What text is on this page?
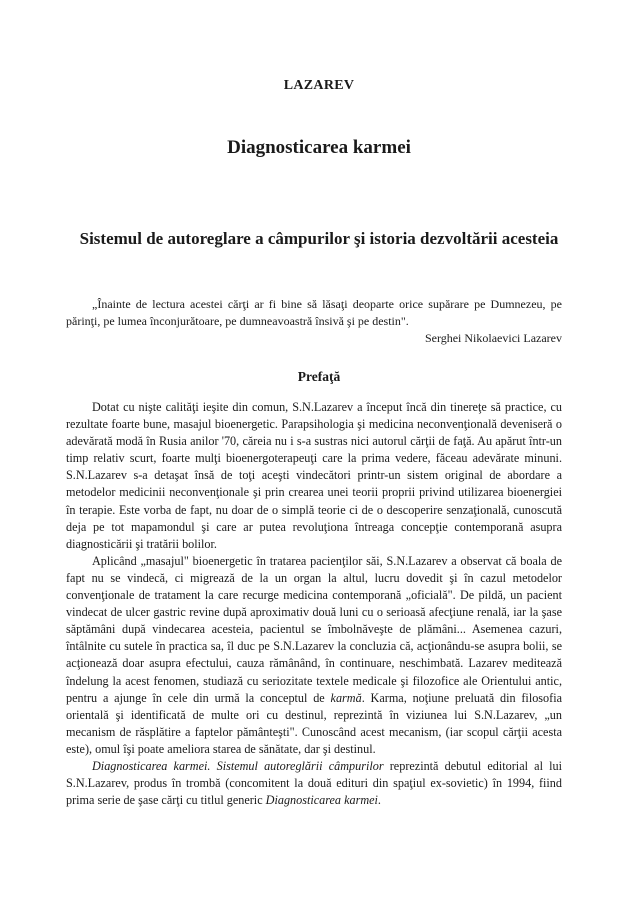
LAZAREV
Diagnosticarea karmei
Sistemul de autoreglare a câmpurilor şi istoria dezvoltării acesteia

„Înainte de lectura acestei cărţi ar fi bine să lăsaţi deoparte orice supărare pe Dumnezeu, pe părinţi, pe lumea înconjurătoare, pe dumneavoastră însivă şi pe destin".

Serghei Nikolaevici Lazarev

Prefaţă

Dotat cu nişte calităţi ieşite din comun, S.N.Lazarev a început încă din tinereţe să practice, cu rezultate foarte bune, masajul bioenergetic. Parapsihologia şi medicina neconvenţională deveniseră o adevărată modă în Rusia anilor '70, căreia nu i s-a sustras nici autorul cărţii de faţă. Au apărut într-un timp relativ scurt, foarte mulţi bioenergoterapeuţi care la prima vedere, făceau adevărate minuni. S.N.Lazarev s-a detaşat însă de toţi aceşti vindecători printr-un sistem original de abordare a metodelor medicinii neconvenţionale şi prin crearea unei teorii proprii privind utilizarea bioenergiei în terapie. Este vorba de fapt, nu doar de o simplă teorie ci de o descoperire senzaţională, cunoscută deja pe tot mapamondul şi care ar putea revoluţiona întreaga concepţie contemporană asupra diagnosticării şi tratării bolilor.

Aplicând „masajul" bioenergetic în tratarea pacienţilor săi, S.N.Lazarev a observat că boala de fapt nu se vindecă, ci migrează de la un organ la altul, lucru dovedit şi în cazul metodelor convenţionale de tratament la care recurge medicina contemporană „oficială". De pildă, un pacient vindecat de ulcer gastric revine după aproximativ două luni cu o serioasă afecţiune renală, iar la şase săptămâni după vindecarea acesteia, pacientul se îmbolnăveşte de plămâni... Asemenea cazuri, întâlnite cu sutele în practica sa, îl duc pe S.N.Lazarev la concluzia că, acţionându-se asupra bolii, se acţionează doar asupra efectului, cauza rămânând, în continuare, neschimbată. Lazarev meditează îndelung la acest fenomen, studiază cu seriozitate textele medicale şi filozofice ale Orientului antic, pentru a ajunge în cele din urmă la conceptul de karmă. Karma, noţiune preluată din filosofia orientală şi identificată de multe ori cu destinul, reprezintă în viziunea lui S.N.Lazarev, „un mecanism de răsplătire a faptelor pământeşti". Cunoscând acest mecanism, (iar scopul cărţii acesta este), omul îşi poate ameliora starea de sănătate, dar şi destinul.

Diagnosticarea karmei. Sistemul autoreglării câmpurilor reprezintă debutul editorial al lui S.N.Lazarev, produs în trombă (concomitent la două edituri din spaţiul ex-sovietic) în 1994, fiind prima serie de şase cărţi cu titlul generic Diagnosticarea karmei.
